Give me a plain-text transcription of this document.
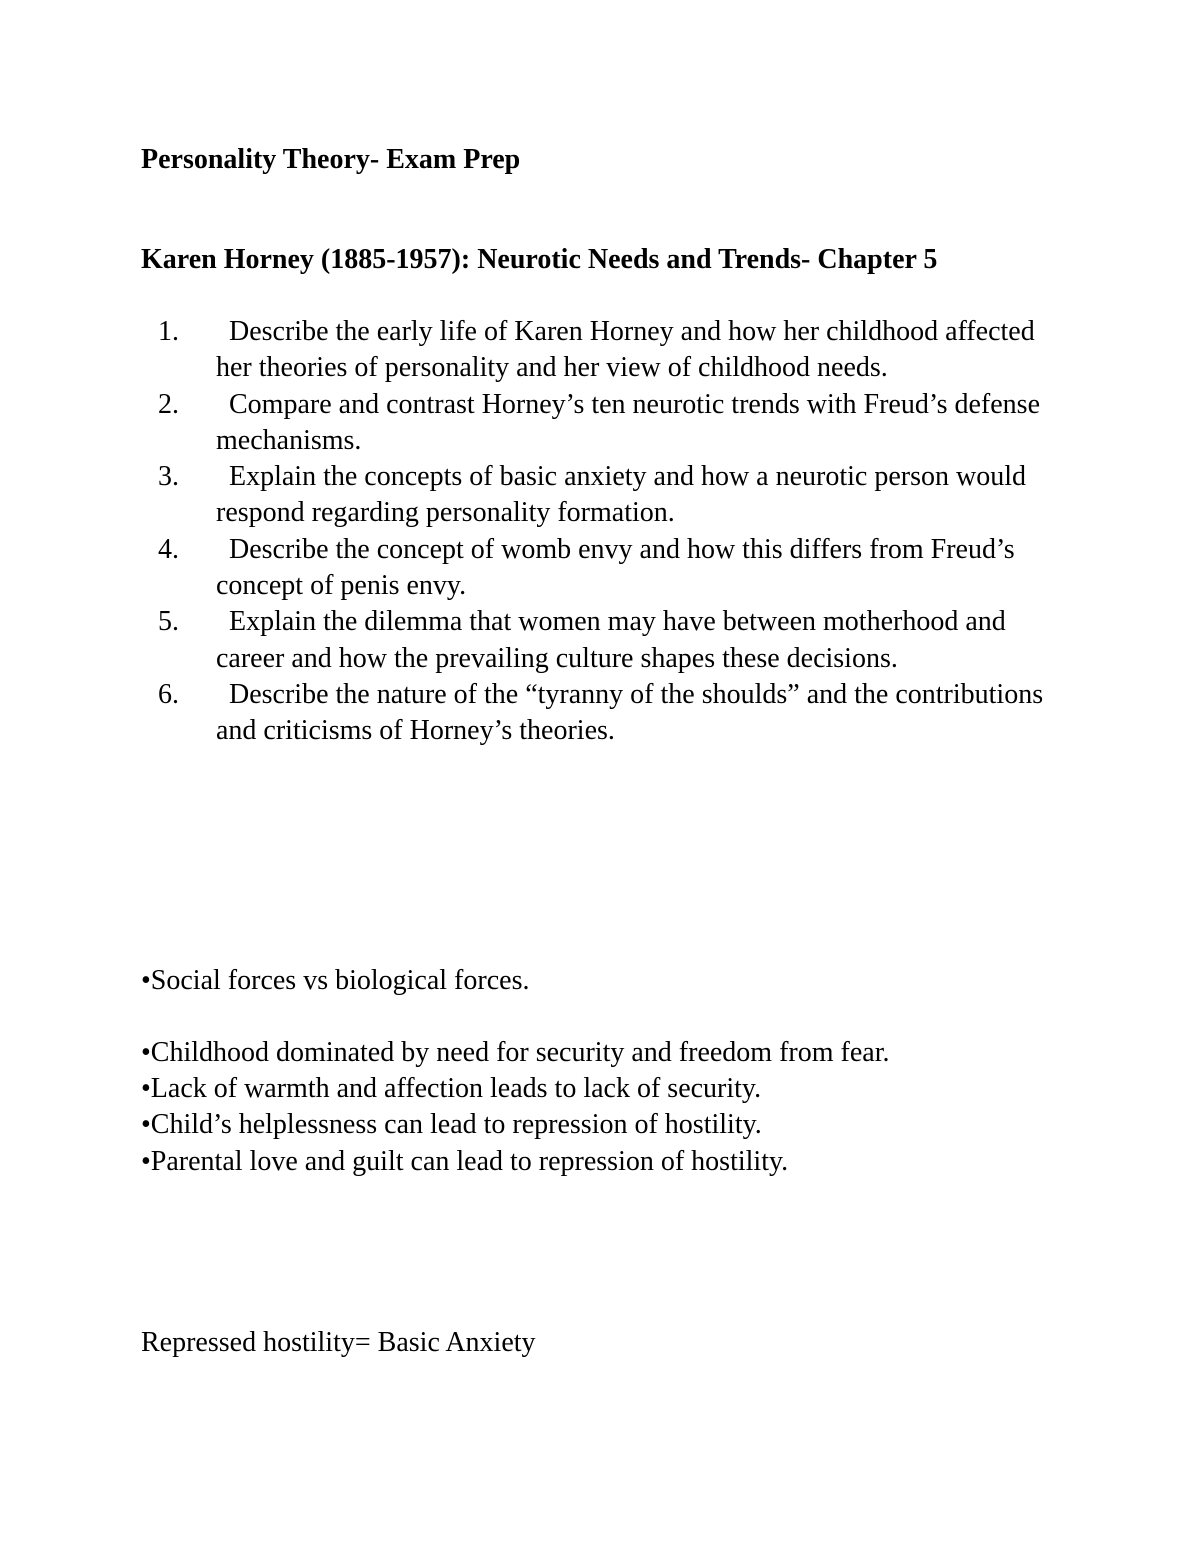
Personality Theory- Exam Prep
Karen Horney (1885-1957): Neurotic Needs and Trends- Chapter 5
1.	Describe the early life of Karen Horney and how her childhood affected her theories of personality and her view of childhood needs.
2.	Compare and contrast Horney’s ten neurotic trends with Freud’s defense mechanisms.
3.	Explain the concepts of basic anxiety and how a neurotic person would respond regarding personality formation.
4.	Describe the concept of womb envy and how this differs from Freud’s concept of penis envy.
5.	Explain the dilemma that women may have between motherhood and career and how the prevailing culture shapes these decisions.
6.	Describe the nature of the “tyranny of the shoulds” and the contributions and criticisms of Horney’s theories.
•Social forces vs biological forces.
•Childhood dominated by need for security and freedom from fear.
•Lack of warmth and affection leads to lack of security.
•Child’s helplessness can lead to repression of hostility.
•Parental love and guilt can lead to repression of hostility.
Repressed hostility= Basic Anxiety
